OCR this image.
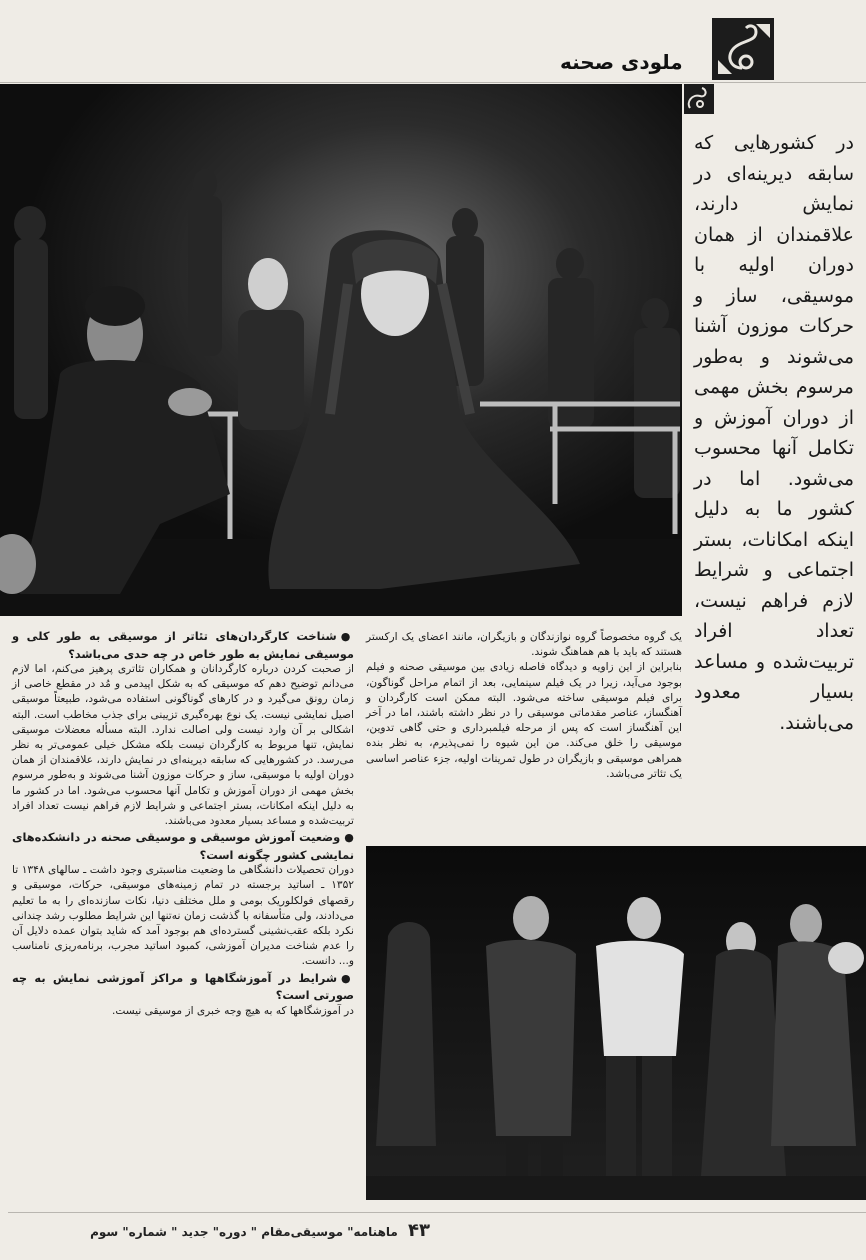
ملودی صحنه
در کشورهایی که سابقه دیرینه‌ای در نمایش دارند، علاقمندان از همان دوران اولیه با موسیقی، ساز و حرکات موزون آشنا می‌شوند و به‌طور مرسوم بخش مهمی از دوران آموزش و تکامل آنها محسوب می‌شود. اما در کشور ما به دلیل اینکه امکانات، بستر اجتماعی و شرایط لازم فراهم نیست، تعداد افراد تربیت‌شده و مساعد بسیار معدود می‌باشند.

یک گروه مخصوصاً گروه نوازندگان و بازیگران، مانند اعضای یک ارکستر هستند که باید با هم هماهنگ شوند.

بنابراین از این زاویه و دیدگاه فاصله زیادی بین موسیقی صحنه و فیلم بوجود می‌آید، زیرا در یک فیلم سینمایی، بعد از اتمام مراحل گوناگون، برای فیلم موسیقی ساخته می‌شود. البته ممکن است کارگردان و آهنگساز، عناصر مقدماتی موسیقی را در نظر داشته باشند، اما در آخر این آهنگساز است که پس از مرحله فیلمبرداری و حتی گاهی تدوین، موسیقی را خلق می‌کند. من این شیوه را نمی‌پذیرم، به نظر بنده همراهی موسیقی و بازیگران در طول تمرینات اولیه، جزء عناصر اساسی یک تئاتر می‌باشد.

●شناخت کارگردان‌های تئاتر از موسیقی به طور کلی و موسیقی نمایش به طور خاص در چه حدی می‌باشد؟

از صحبت کردن درباره کارگردانان و همکاران تئاتری پرهیز می‌کنم، اما لازم می‌دانم توضیح دهم که موسیقی که به شکل اپیدمی و مُد در مقطع خاصی از زمان رونق می‌گیرد و در کارهای گوناگونی استفاده می‌شود، طبیعتاً موسیقی اصیل نمایشی نیست. یک نوع بهره‌گیری تزیینی برای جذب مخاطب است. البته اشکالی بر آن وارد نیست ولی اصالت ندارد. البته مسأله معضلات موسیقی نمایش، تنها مربوط به کارگردان نیست بلکه مشکل خیلی عمومی‌تر به نظر می‌رسد. در کشورهایی که سابقه دیرینه‌ای در نمایش دارند، علاقمندان از همان دوران اولیه با موسیقی، ساز و حرکات موزون آشنا می‌شوند و به‌طور مرسوم بخش مهمی از دوران آموزش و تکامل آنها محسوب می‌شود. اما در کشور ما به دلیل اینکه امکانات، بستر اجتماعی و شرایط لازم فراهم نیست تعداد افراد تربیت‌شده و مساعد بسیار معدود می‌باشند.

●وضعیت آموزش موسیقی و موسیقی صحنه در دانشکده‌های نمایشی کشور چگونه است؟

دوران تحصیلات دانشگاهی ما وضعیت مناسبتری وجود داشت ـ سالهای ۱۳۴۸ تا ۱۳۵۲ ـ اساتید برجسته در تمام زمینه‌های موسیقی، حرکات، موسیقی و رقصهای فولکلوریک بومی و ملل مختلف دنیا، نکات سازنده‌ای را به ما تعلیم می‌دادند، ولی متأسفانه با گذشت زمان نه‌تنها این شرایط مطلوب رشد چندانی نکرد بلکه عقب‌نشینی گسترده‌ای هم بوجود آمد که شاید بتوان عمده دلایل آن را عدم شناخت مدیران آموزشی، کمبود اساتید مجرب، برنامه‌ریزی نامناسب و... دانست.

●شرایط در آموزشگاهها و مراکز آموزشی نمایش به چه صورتی است؟

در آموزشگاهها که به هیچ وجه خبری از موسیقی نیست.

۴۳ ماهنامه" موسیقی‌مقام " دوره" جدید " شماره" سوم
